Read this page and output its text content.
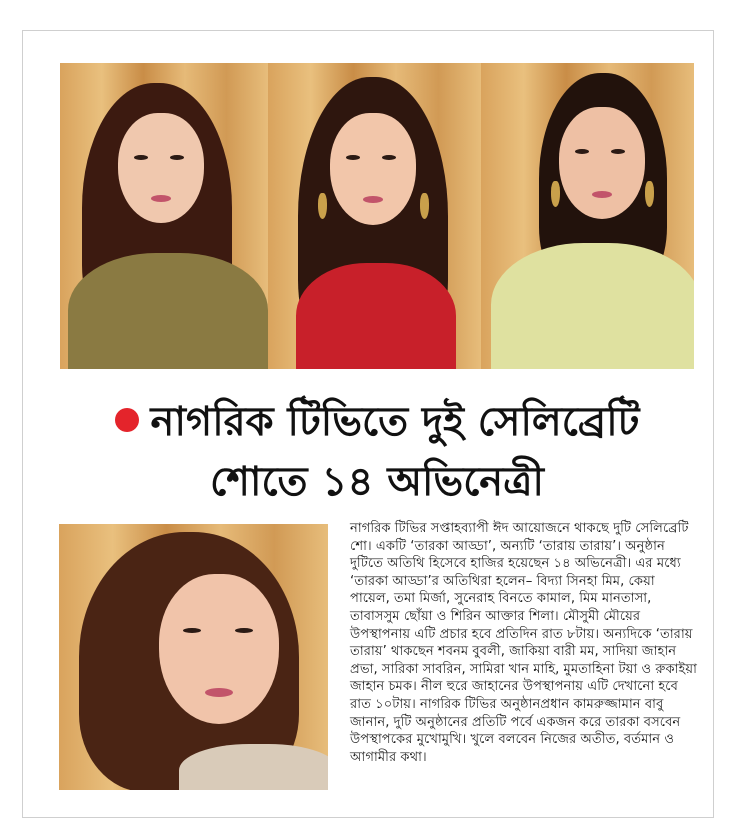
নাগরিক টিভিতে দুই সেলিব্রেটি
শোতে ১৪ অভিনেত্রী

নাগরিক টিভির সপ্তাহব্যাপী ঈদ আয়োজনে থাকছে দুটি সেলিব্রেটি শো। একটি ‘তারকা আড্ডা’, অন্যটি ‘তারায় তারায়’। অনুষ্ঠান দুটিতে অতিথি হিসেবে হাজির হয়েছেন ১৪ অভিনেত্রী। এর মধ্যে ‘তারকা আড্ডা’র অতিথিরা হলেন– বিদ্যা সিনহা মিম, কেয়া পায়েল, তমা মির্জা, সুনেরাহ বিনতে কামাল, মিম মানতাসা, তাবাসসুম ছোঁয়া ও শিরিন আক্তার শিলা। মৌসুমী মৌয়ের উপস্থাপনায় এটি প্রচার হবে প্রতিদিন রাত ৮টায়। অন্যদিকে ‘তারায় তারায়’ থাকছেন শবনম বুবলী, জাকিয়া বারী মম, সাদিয়া জাহান প্রভা, সারিকা সাবরিন, সামিরা খান মাহি, মুমতাহিনা টয়া ও রুকাইয়া জাহান চমক। নীল হুরে জাহানের উপস্থাপনায় এটি দেখানো হবে রাত ১০টায়। নাগরিক টিভির অনুষ্ঠানপ্রধান কামরুজ্জামান বাবু জানান, দুটি অনুষ্ঠানের প্রতিটি পর্বে একজন করে তারকা বসবেন উপস্থাপকের মুখোমুখি। খুলে বলবেন নিজের অতীত, বর্তমান ও আগামীর কথা।
